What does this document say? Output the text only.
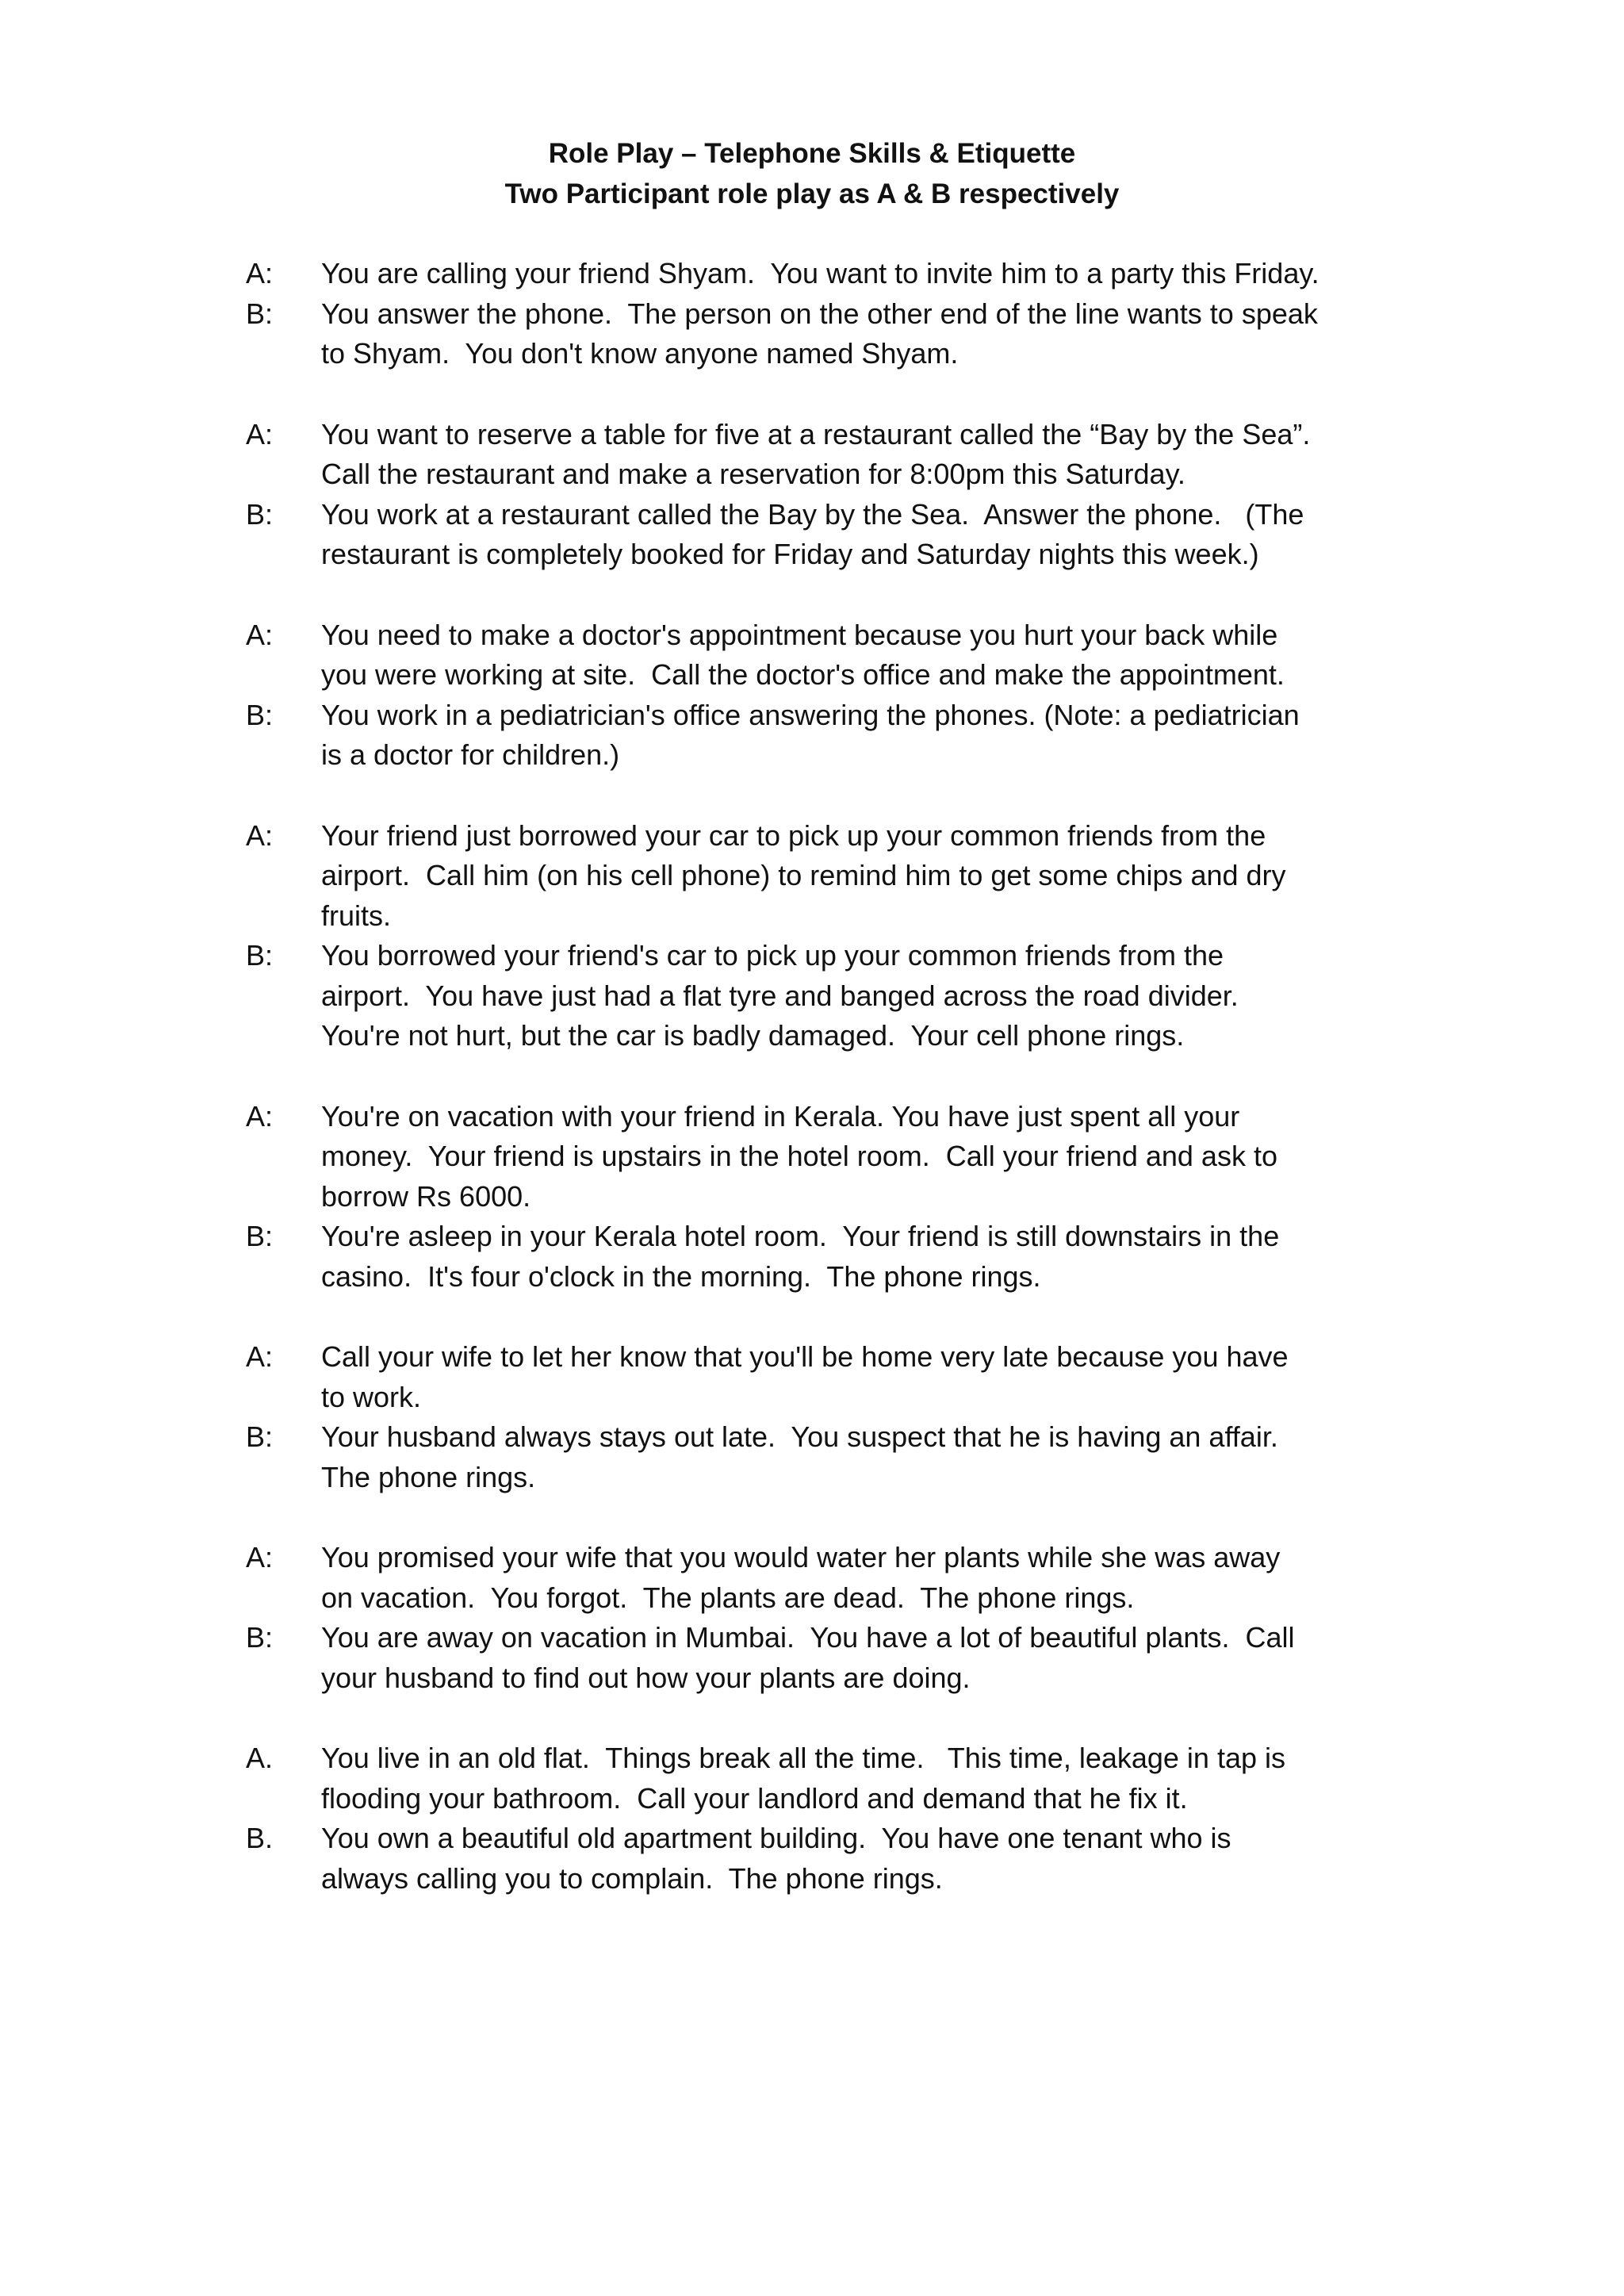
Role Play – Telephone Skills & Etiquette
Two Participant role play as A & B respectively
A:	You are calling your friend Shyam.  You want to invite him to a party this Friday.
B:	You answer the phone.  The person on the other end of the line wants to speak
to Shyam.  You don't know anyone named Shyam.
A:	You want to reserve a table for five at a restaurant called the “Bay by the Sea”.
Call the restaurant and make a reservation for 8:00pm this Saturday.
B:	You work at a restaurant called the Bay by the Sea.  Answer the phone.   (The
restaurant is completely booked for Friday and Saturday nights this week.)
A:	You need to make a doctor's appointment because you hurt your back while
you were working at site.  Call the doctor's office and make the appointment.
B:	You work in a pediatrician's office answering the phones. (Note: a pediatrician
is a doctor for children.)
A:	Your friend just borrowed your car to pick up your common friends from the
airport.  Call him (on his cell phone) to remind him to get some chips and dry
fruits.
B:	You borrowed your friend's car to pick up your common friends from the
airport.  You have just had a flat tyre and banged across the road divider.
You're not hurt, but the car is badly damaged.  Your cell phone rings.
A:	You're on vacation with your friend in Kerala. You have just spent all your
money.  Your friend is upstairs in the hotel room.  Call your friend and ask to
borrow Rs 6000.
B:	You're asleep in your Kerala hotel room.  Your friend is still downstairs in the
casino.  It's four o'clock in the morning.  The phone rings.
A:	Call your wife to let her know that you'll be home very late because you have
to work.
B:	Your husband always stays out late.  You suspect that he is having an affair.
The phone rings.
A:	You promised your wife that you would water her plants while she was away
on vacation.  You forgot.  The plants are dead.  The phone rings.
B:	You are away on vacation in Mumbai.  You have a lot of beautiful plants.  Call
your husband to find out how your plants are doing.
A.	You live in an old flat.  Things break all the time.   This time, leakage in tap is
flooding your bathroom.  Call your landlord and demand that he fix it.
B.	You own a beautiful old apartment building.  You have one tenant who is
always calling you to complain.  The phone rings.
